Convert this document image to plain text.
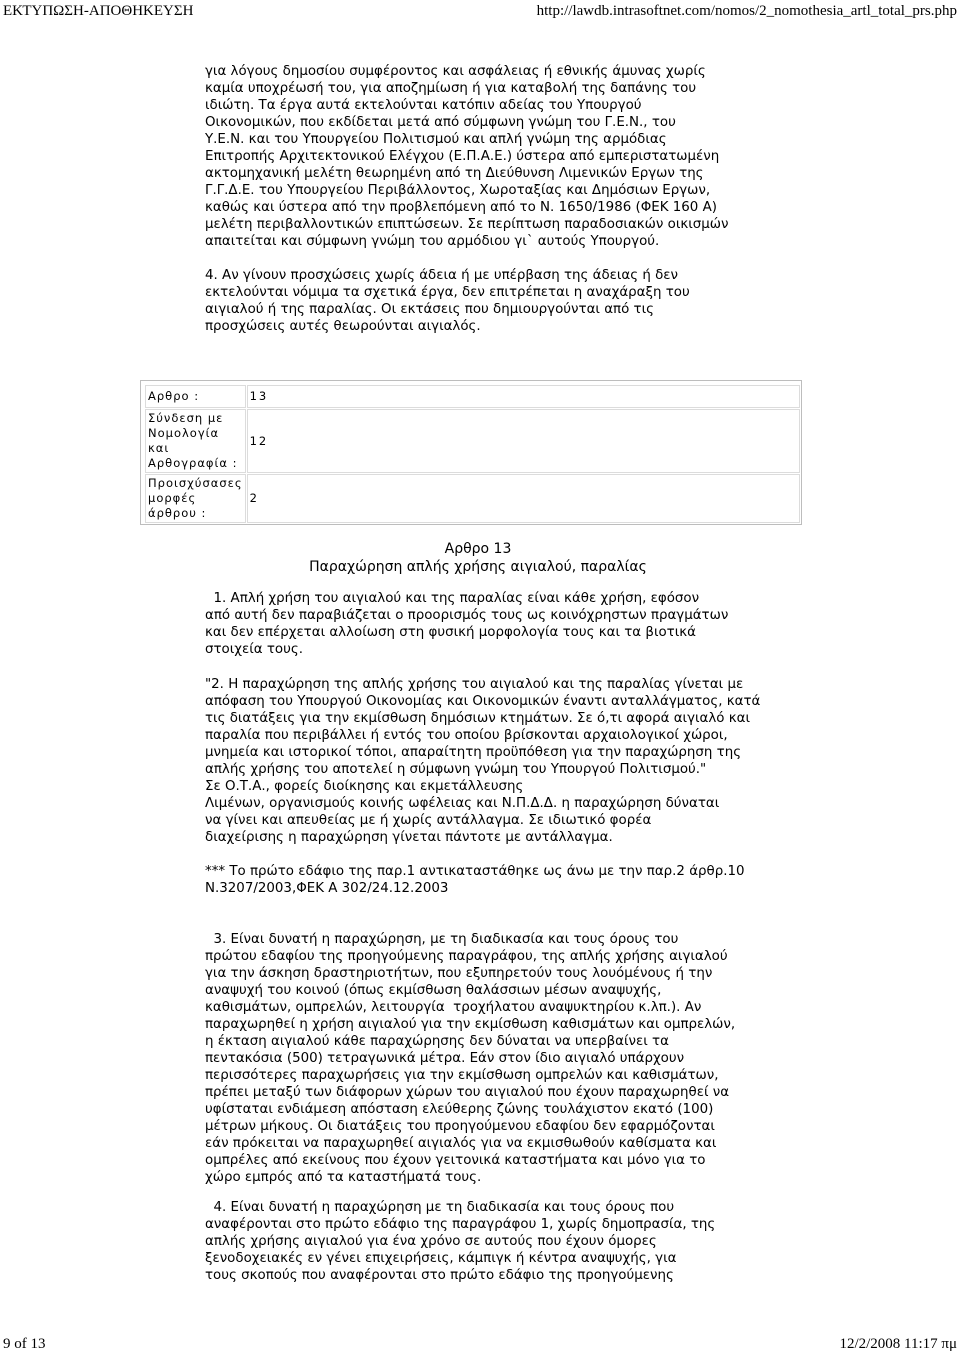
ΕΚΤΥΠΩΣΗ-ΑΠΟΘΗΚΕΥΣΗ	http://lawdb.intrasoftnet.com/nomos/2_nomothesia_artl_total_prs.php

για λόγους δημοσίου συμφέροντος και ασφάλειας ή εθνικής άμυνας χωρίς
καμία υποχρέωσή του, για αποζημίωση ή για καταβολή της δαπάνης του
ιδιώτη. Τα έργα αυτά εκτελούνται κατόπιν αδείας του Υπουργού
Οικονομικών, που εκδίδεται μετά από σύμφωνη γνώμη του Γ.Ε.Ν., του
Υ.Ε.Ν. και του Υπουργείου Πολιτισμού και απλή γνώμη της αρμόδιας
Επιτροπής Αρχιτεκτονικού Ελέγχου (Ε.Π.Α.Ε.) ύστερα από εμπεριστατωμένη
ακτομηχανική μελέτη θεωρημένη από τη Διεύθυνση Λιμενικών Εργων της
Γ.Γ.Δ.Ε. του Υπουργείου Περιβάλλοντος, Χωροταξίας και Δημόσιων Εργων,
καθώς και ύστερα από την προβλεπόμενη από το Ν. 1650/1986 (ΦΕΚ 160 Α)
μελέτη περιβαλλοντικών επιπτώσεων. Σε περίπτωση παραδοσιακών οικισμών
απαιτείται και σύμφωνη γνώμη του αρμόδιου γι` αυτούς Υπουργού.

4. Αν γίνουν προσχώσεις χωρίς άδεια ή με υπέρβαση της άδειας ή δεν
εκτελούνται νόμιμα τα σχετικά έργα, δεν επιτρέπεται η αναχάραξη του
αιγιαλού ή της παραλίας. Οι εκτάσεις που δημιουργούνται από τις
προσχώσεις αυτές θεωρούνται αιγιαλός.

Αρθρο :	13
Σύνδεση με
Νομολογία
και
Αρθογραφία :	12
Προισχύσασες
μορφές
άρθρου :	2
Αρθρο 13
Παραχώρηση απλής χρήσης αιγιαλού, παραλίας

1. Απλή χρήση του αιγιαλού και της παραλίας είναι κάθε χρήση, εφόσον
από αυτή δεν παραβιάζεται ο προορισμός τους ως κοινόχρηστων πραγμάτων
και δεν επέρχεται αλλοίωση στη φυσική μορφολογία τους και τα βιοτικά
στοιχεία τους.

"2. Η παραχώρηση της απλής χρήσης του αιγιαλού και της παραλίας γίνεται με
απόφαση του Υπουργού Οικονομίας και Οικονομικών έναντι ανταλλάγματος, κατά
τις διατάξεις για την εκμίσθωση δημόσιων κτημάτων. Σε ό,τι αφορά αιγιαλό και
παραλία που περιβάλλει ή εντός του οποίου βρίσκονται αρχαιολογικοί χώροι,
μνημεία και ιστορικοί τόποι, απαραίτητη προϋπόθεση για την παραχώρηση της
απλής χρήσης του αποτελεί η σύμφωνη γνώμη του Υπουργού Πολιτισμού."
Σε Ο.Τ.Α., φορείς διοίκησης και εκμετάλλευσης
Λιμένων, οργανισμούς κοινής ωφέλειας και Ν.Π.Δ.Δ. η παραχώρηση δύναται
να γίνει και απευθείας με ή χωρίς αντάλλαγμα. Σε ιδιωτικό φορέα
διαχείρισης η παραχώρηση γίνεται πάντοτε με αντάλλαγμα.

*** Το πρώτο εδάφιο της παρ.1 αντικαταστάθηκε ως άνω με την παρ.2 άρθρ.10
Ν.3207/2003,ΦΕΚ Α 302/24.12.2003

3. Είναι δυνατή η παραχώρηση, με τη διαδικασία και τους όρους του
πρώτου εδαφίου της προηγούμενης παραγράφου, της απλής χρήσης αιγιαλού
για την άσκηση δραστηριοτήτων, που εξυπηρετούν τους λουόμένους ή την
αναψυχή του κοινού (όπως εκμίσθωση θαλάσσιων μέσων αναψυχής,
καθισμάτων, ομπρελών, λειτουργία  τροχήλατου αναψυκτηρίου κ.λπ.). Αν
παραχωρηθεί η χρήση αιγιαλού για την εκμίσθωση καθισμάτων και ομπρελών,
η έκταση αιγιαλού κάθε παραχώρησης δεν δύναται να υπερβαίνει τα
πεντακόσια (500) τετραγωνικά μέτρα. Εάν στον ίδιο αιγιαλό υπάρχουν
περισσότερες παραχωρήσεις για την εκμίσθωση ομπρελών και καθισμάτων,
πρέπει μεταξύ των διάφορων χώρων του αιγιαλού που έχουν παραχωρηθεί να
υφίσταται ενδιάμεση απόσταση ελεύθερης ζώνης τουλάχιστον εκατό (100)
μέτρων μήκους. Οι διατάξεις του προηγούμενου εδαφίου δεν εφαρμόζονται
εάν πρόκειται να παραχωρηθεί αιγιαλός για να εκμισθωθούν καθίσματα και
ομπρέλες από εκείνους που έχουν γειτονικά καταστήματα και μόνο για το
χώρο εμπρός από τα καταστήματά τους.

4. Είναι δυνατή η παραχώρηση με τη διαδικασία και τους όρους που
αναφέρονται στο πρώτο εδάφιο της παραγράφου 1, χωρίς δημοπρασία, της
απλής χρήσης αιγιαλού για ένα χρόνο σε αυτούς που έχουν όμορες
ξενοδοχειακές εν γένει επιχειρήσεις, κάμπιγκ ή κέντρα αναψυχής, για
τους σκοπούς που αναφέρονται στο πρώτο εδάφιο της προηγούμενης

9 of 13	12/2/2008 11:17 πμ
